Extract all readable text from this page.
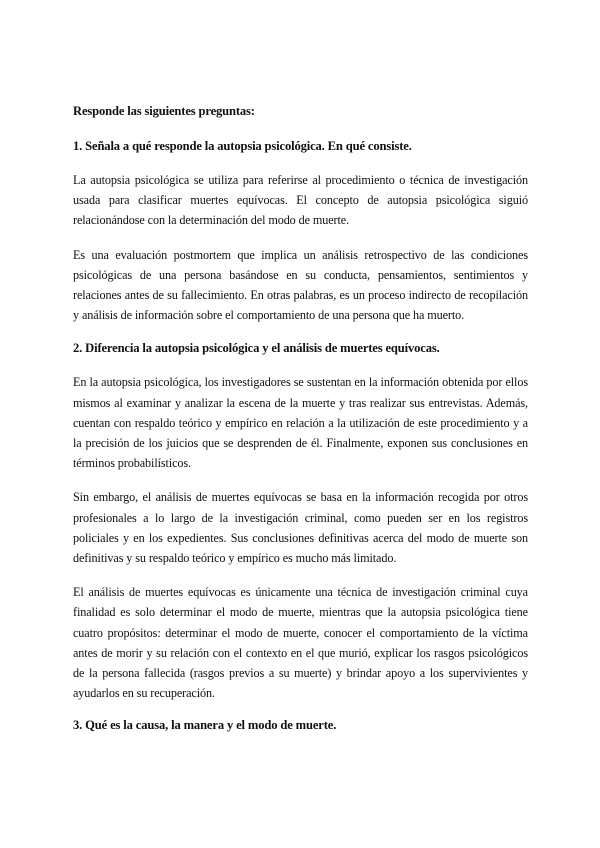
Responde las siguientes preguntas:

1. Señala a qué responde la autopsia psicológica. En qué consiste.

La autopsia psicológica se utiliza para referirse al procedimiento o técnica de investigación usada para clasificar muertes equívocas. El concepto de autopsia psicológica siguió relacionándose con la determinación del modo de muerte.

Es una evaluación postmortem que implica un análisis retrospectivo de las condiciones psicológicas de una persona basándose en su conducta, pensamientos, sentimientos y relaciones antes de su fallecimiento. En otras palabras, es un proceso indirecto de recopilación y análisis de información sobre el comportamiento de una persona que ha muerto.

2. Diferencia la autopsia psicológica y el análisis de muertes equívocas.

En la autopsia psicológica, los investigadores se sustentan en la información obtenida por ellos mismos al examinar y analizar la escena de la muerte y tras realizar sus entrevistas. Además, cuentan con respaldo teórico y empírico en relación a la utilización de este procedimiento y a la precisión de los juicios que se desprenden de él. Finalmente, exponen sus conclusiones en términos probabilísticos.

Sin embargo, el análisis de muertes equívocas se basa en la información recogida por otros profesionales a lo largo de la investigación criminal, como pueden ser en los registros policiales y en los expedientes. Sus conclusiones definitivas acerca del modo de muerte son definitivas y su respaldo teórico y empírico es mucho más limitado.

El análisis de muertes equívocas es únicamente una técnica de investigación criminal cuya finalidad es solo determinar el modo de muerte, mientras que la autopsia psicológica tiene cuatro propósitos: determinar el modo de muerte, conocer el comportamiento de la víctima antes de morir y su relación con el contexto en el que murió, explicar los rasgos psicológicos de la persona fallecida (rasgos previos a su muerte) y brindar apoyo a los supervivientes y ayudarlos en su recuperación.

3. Qué es la causa, la manera y el modo de muerte.
